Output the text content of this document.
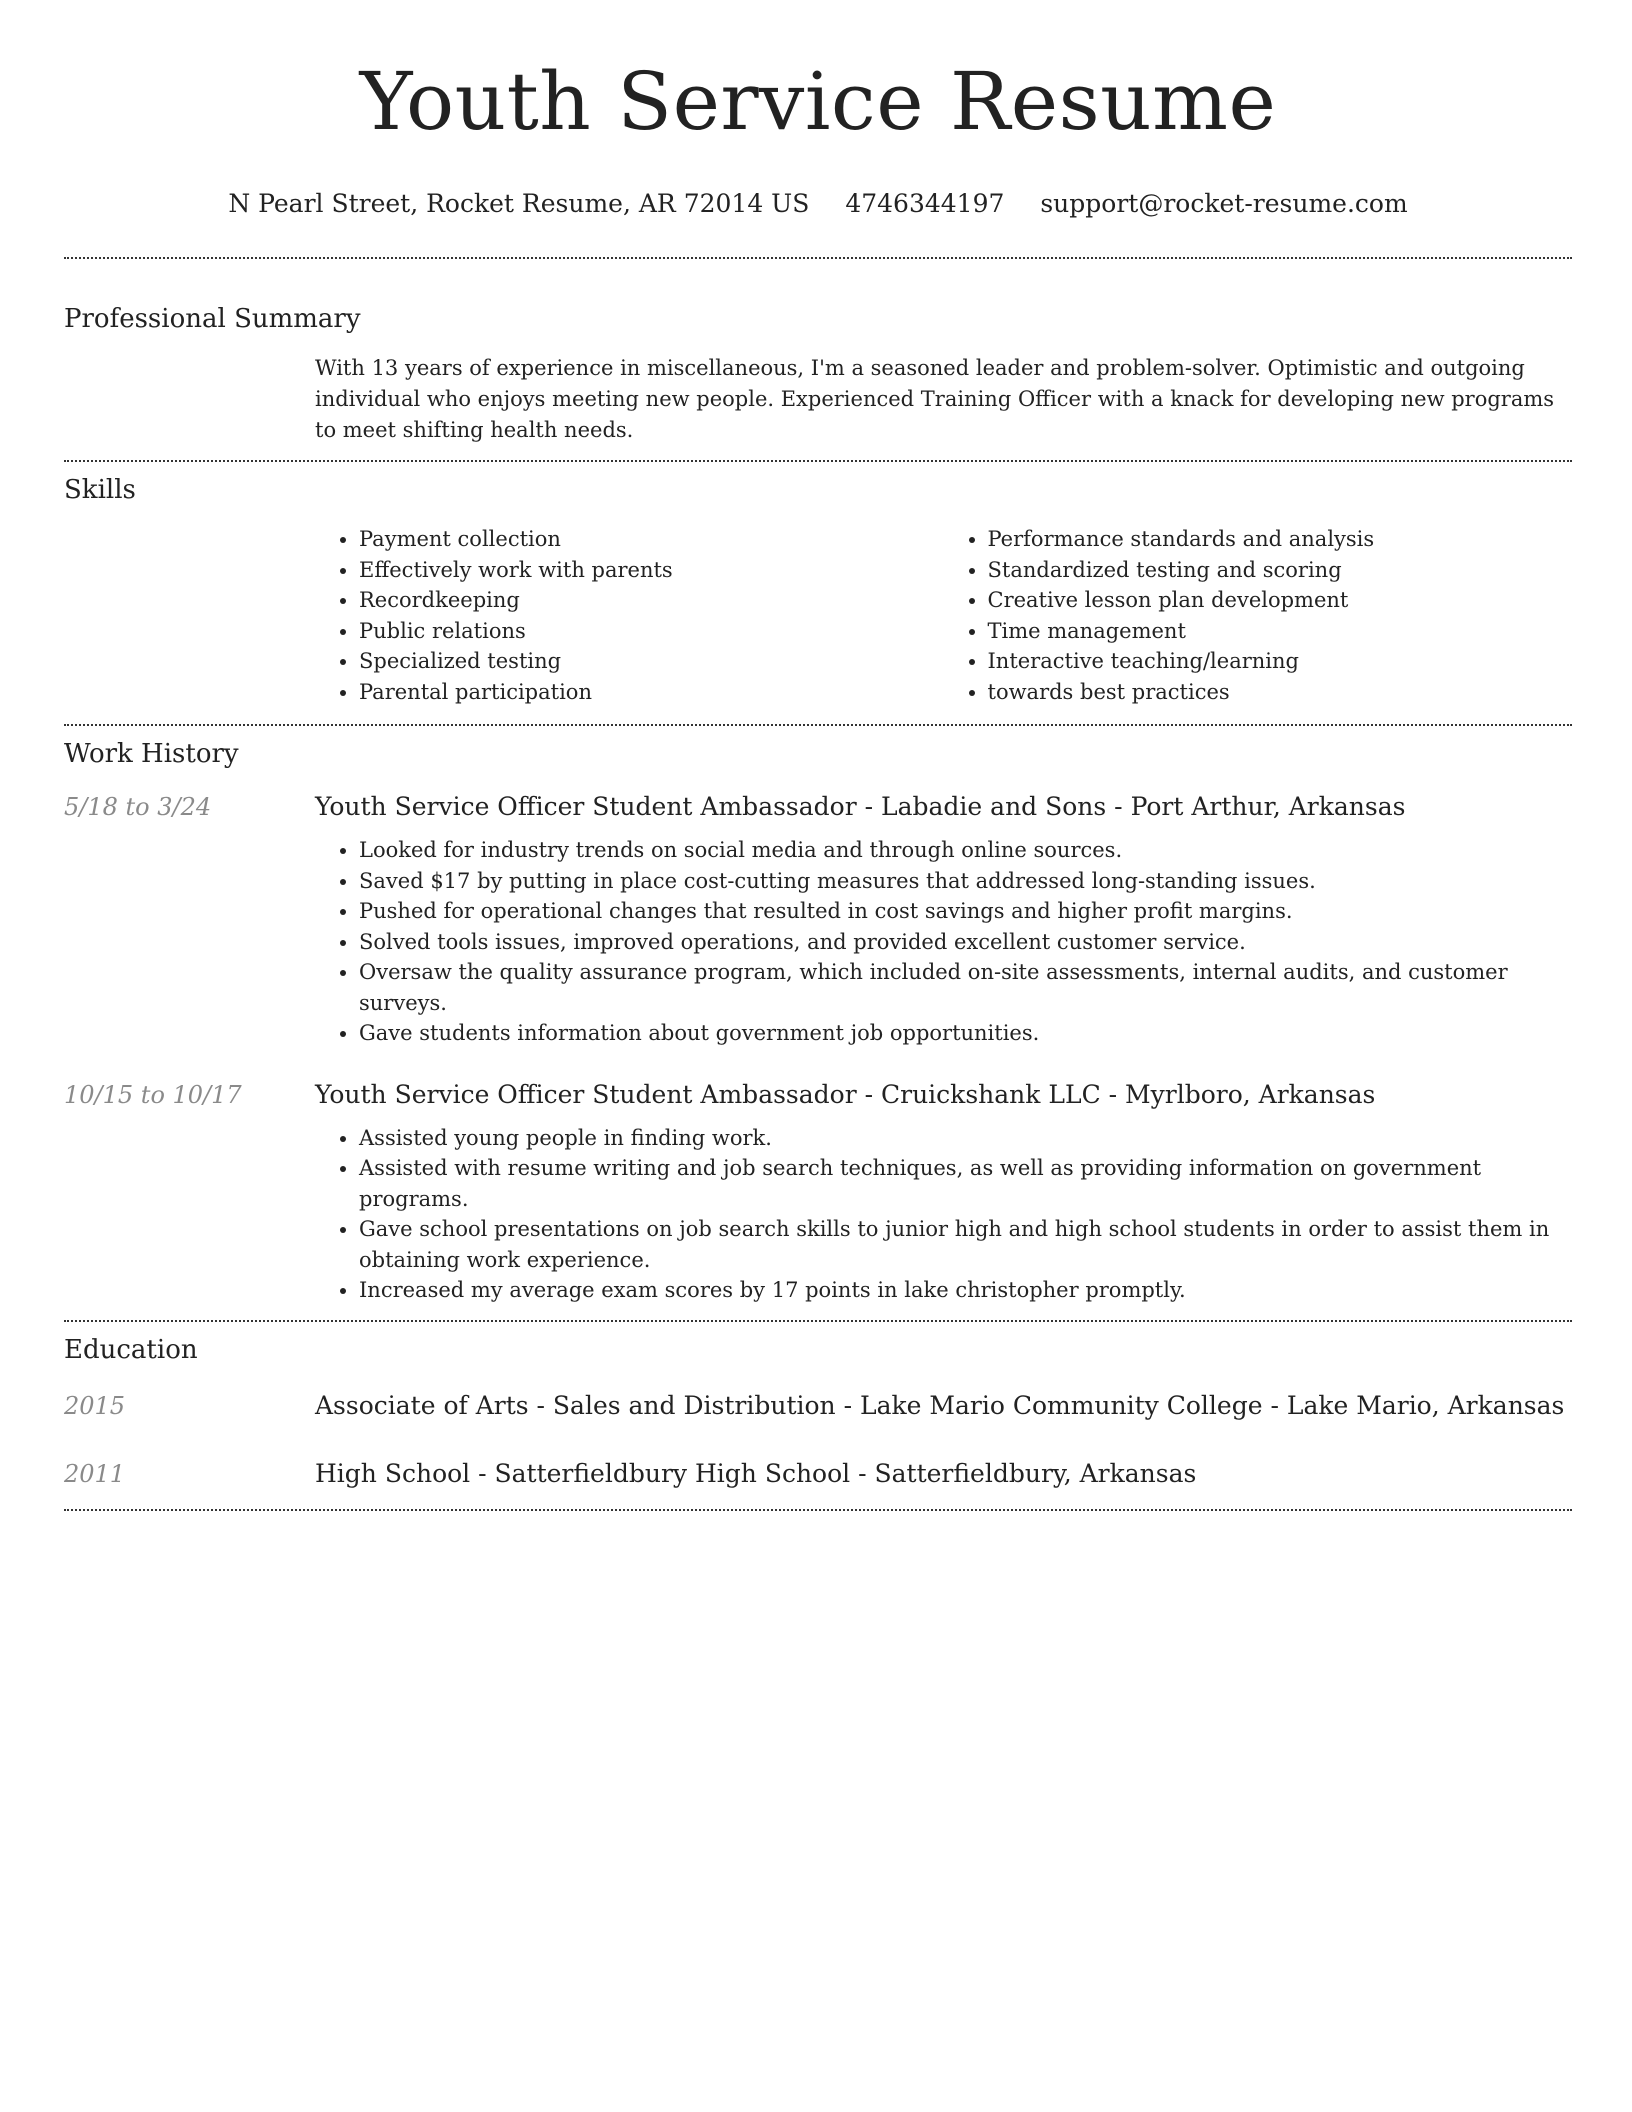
Youth Service Resume
N Pearl Street, Rocket Resume, AR 72014 US 4746344197 support@rocket-resume.com
Professional Summary
With 13 years of experience in miscellaneous, I'm a seasoned leader and problem-solver. Optimistic and outgoing individual who enjoys meeting new people. Experienced Training Officer with a knack for developing new programs to meet shifting health needs.
Skills
• Payment collection
• Effectively work with parents
• Recordkeeping
• Public relations
• Specialized testing
• Parental participation
• Performance standards and analysis
• Standardized testing and scoring
• Creative lesson plan development
• Time management
• Interactive teaching/learning
• towards best practices
Work History
5/18 to 3/24	Youth Service Officer Student Ambassador - Labadie and Sons - Port Arthur, Arkansas
• Looked for industry trends on social media and through online sources.
• Saved $17 by putting in place cost-cutting measures that addressed long-standing issues.
• Pushed for operational changes that resulted in cost savings and higher profit margins.
• Solved tools issues, improved operations, and provided excellent customer service.
• Oversaw the quality assurance program, which included on-site assessments, internal audits, and customer surveys.
• Gave students information about government job opportunities.
10/15 to 10/17	Youth Service Officer Student Ambassador - Cruickshank LLC - Myrlboro, Arkansas
• Assisted young people in finding work.
• Assisted with resume writing and job search techniques, as well as providing information on government programs.
• Gave school presentations on job search skills to junior high and high school students in order to assist them in obtaining work experience.
• Increased my average exam scores by 17 points in lake christopher promptly.
Education
2015	Associate of Arts - Sales and Distribution - Lake Mario Community College - Lake Mario, Arkansas
2011	High School - Satterfieldbury High School - Satterfieldbury, Arkansas
